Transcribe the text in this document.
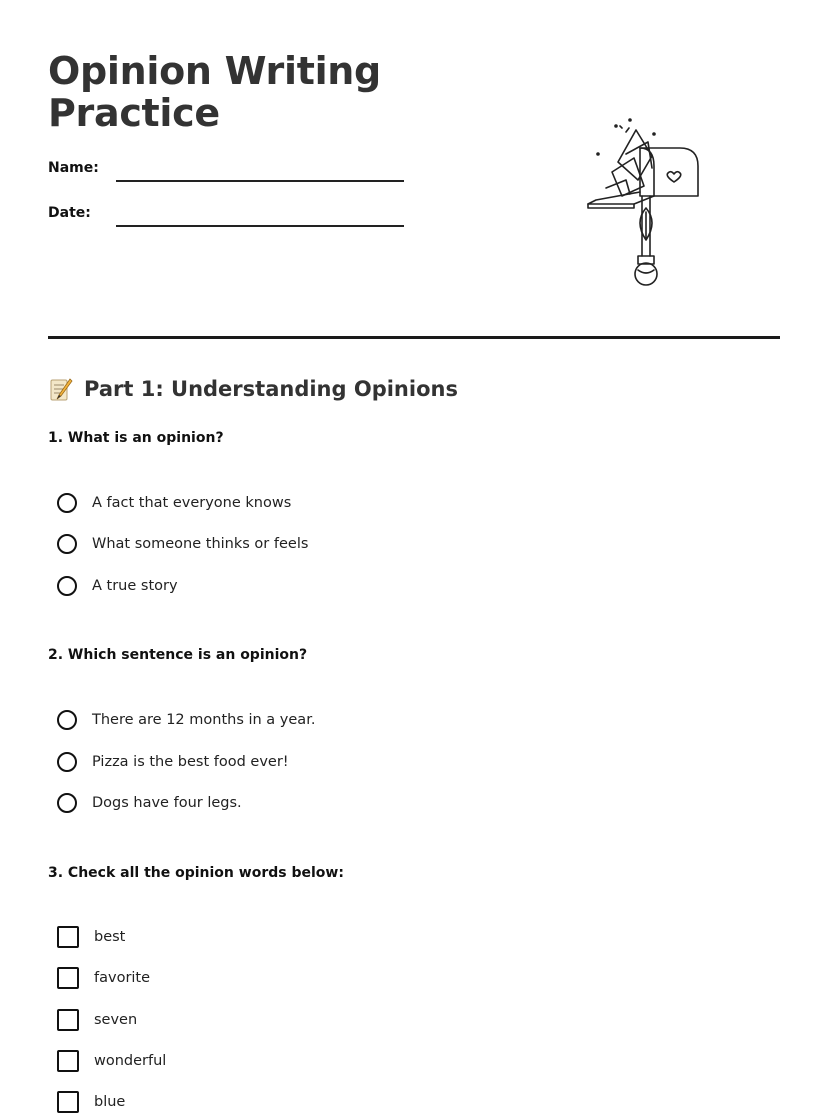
Opinion Writing Practice
Name:
Date:
Part 1: Understanding Opinions
1. What is an opinion?
A fact that everyone knows
What someone thinks or feels
A true story
2. Which sentence is an opinion?
There are 12 months in a year.
Pizza is the best food ever!
Dogs have four legs.
3. Check all the opinion words below:
best
favorite
seven
wonderful
blue
